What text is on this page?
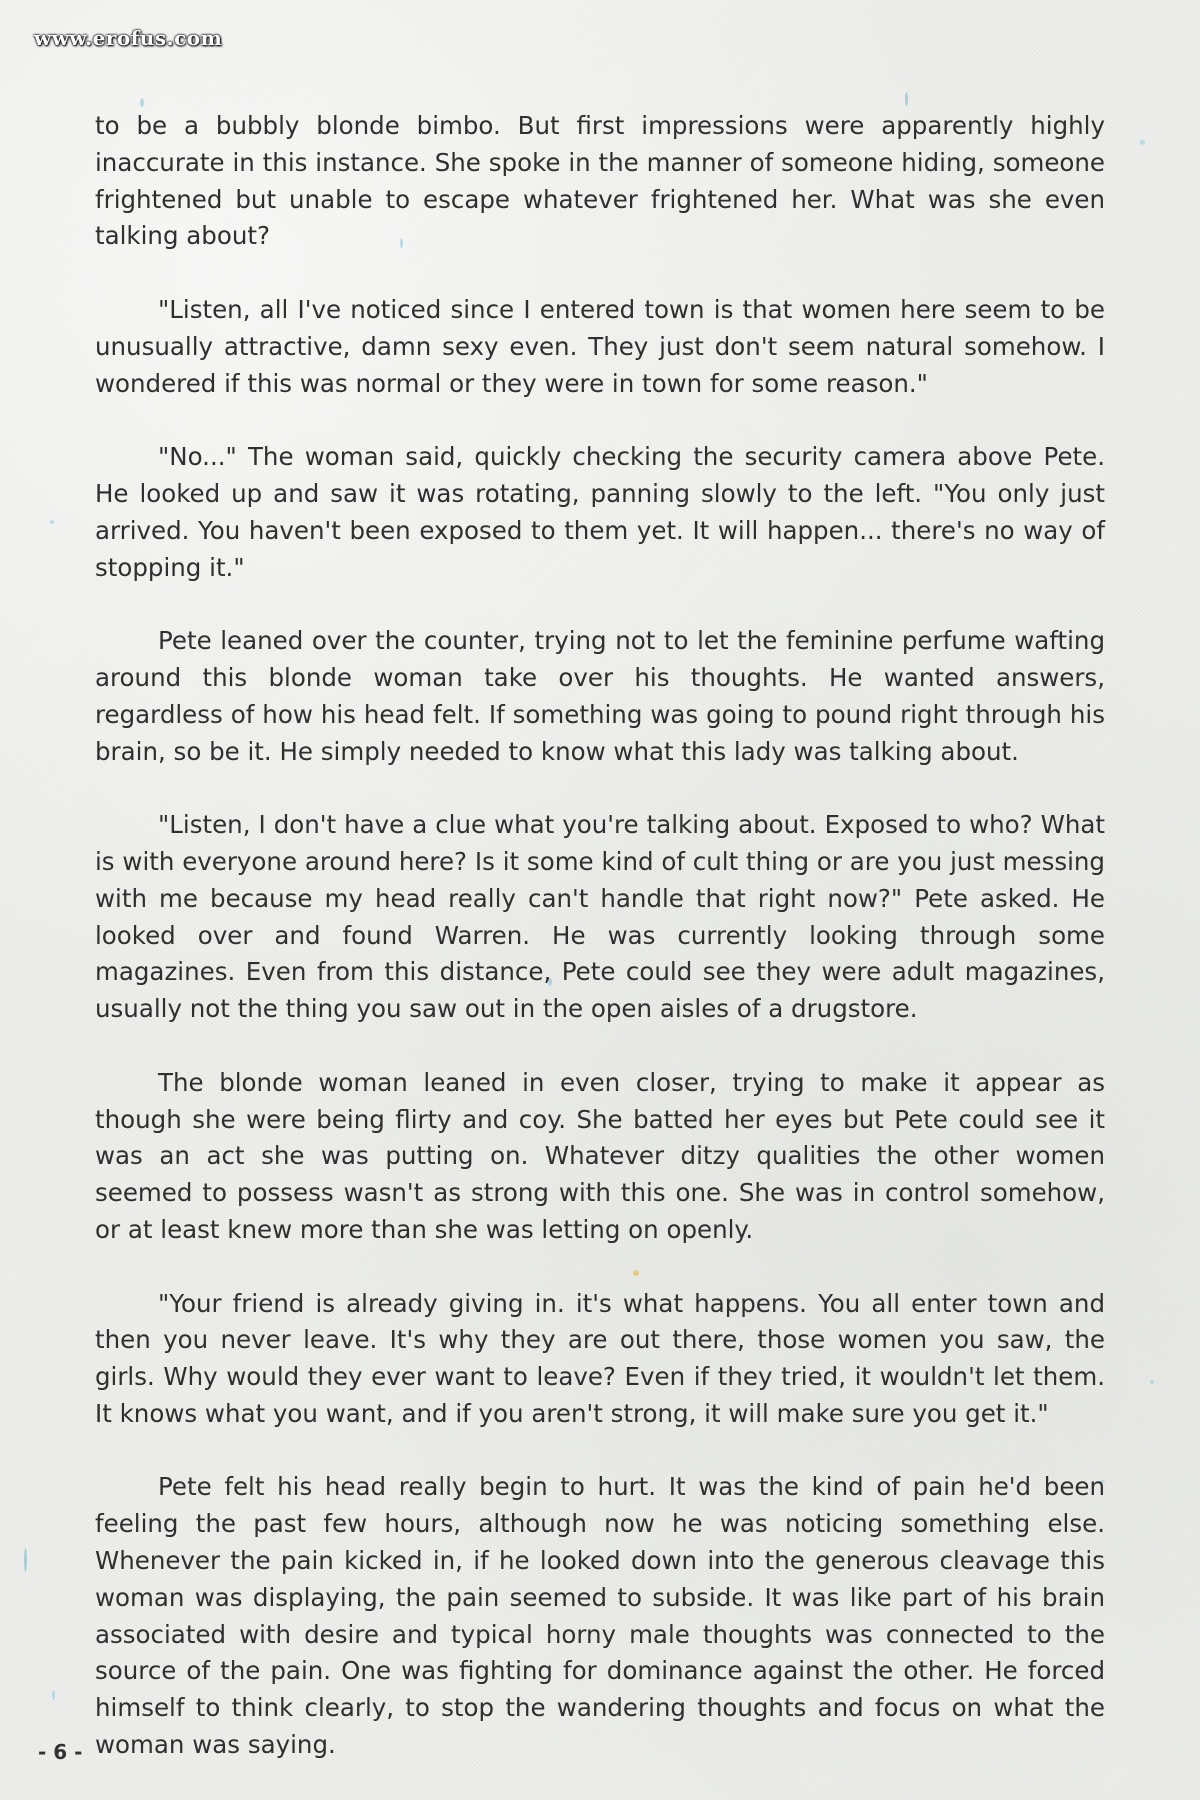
www.erofus.com

to be a bubbly blonde bimbo. But first impressions were apparently highly inaccurate in this instance. She spoke in the manner of someone hiding, someone frightened but unable to escape whatever frightened her. What was she even talking about?

"Listen, all I've noticed since I entered town is that women here seem to be unusually attractive, damn sexy even. They just don't seem natural somehow. I wondered if this was normal or they were in town for some reason."

"No..." The woman said, quickly checking the security camera above Pete. He looked up and saw it was rotating, panning slowly to the left. "You only just arrived. You haven't been exposed to them yet. It will happen... there's no way of stopping it."

Pete leaned over the counter, trying not to let the feminine perfume wafting around this blonde woman take over his thoughts. He wanted answers, regardless of how his head felt. If something was going to pound right through his brain, so be it. He simply needed to know what this lady was talking about.

"Listen, I don't have a clue what you're talking about. Exposed to who? What is with everyone around here? Is it some kind of cult thing or are you just messing with me because my head really can't handle that right now?" Pete asked. He looked over and found Warren. He was currently looking through some magazines. Even from this distance, Pete could see they were adult magazines, usually not the thing you saw out in the open aisles of a drugstore.

The blonde woman leaned in even closer, trying to make it appear as though she were being flirty and coy. She batted her eyes but Pete could see it was an act she was putting on. Whatever ditzy qualities the other women seemed to possess wasn't as strong with this one. She was in control somehow, or at least knew more than she was letting on openly.

"Your friend is already giving in. it's what happens. You all enter town and then you never leave. It's why they are out there, those women you saw, the girls. Why would they ever want to leave? Even if they tried, it wouldn't let them. It knows what you want, and if you aren't strong, it will make sure you get it."

Pete felt his head really begin to hurt. It was the kind of pain he'd been feeling the past few hours, although now he was noticing something else. Whenever the pain kicked in, if he looked down into the generous cleavage this woman was displaying, the pain seemed to subside. It was like part of his brain associated with desire and typical horny male thoughts was connected to the source of the pain. One was fighting for dominance against the other. He forced himself to think clearly, to stop the wandering thoughts and focus on what the woman was saying.

- 6 -
